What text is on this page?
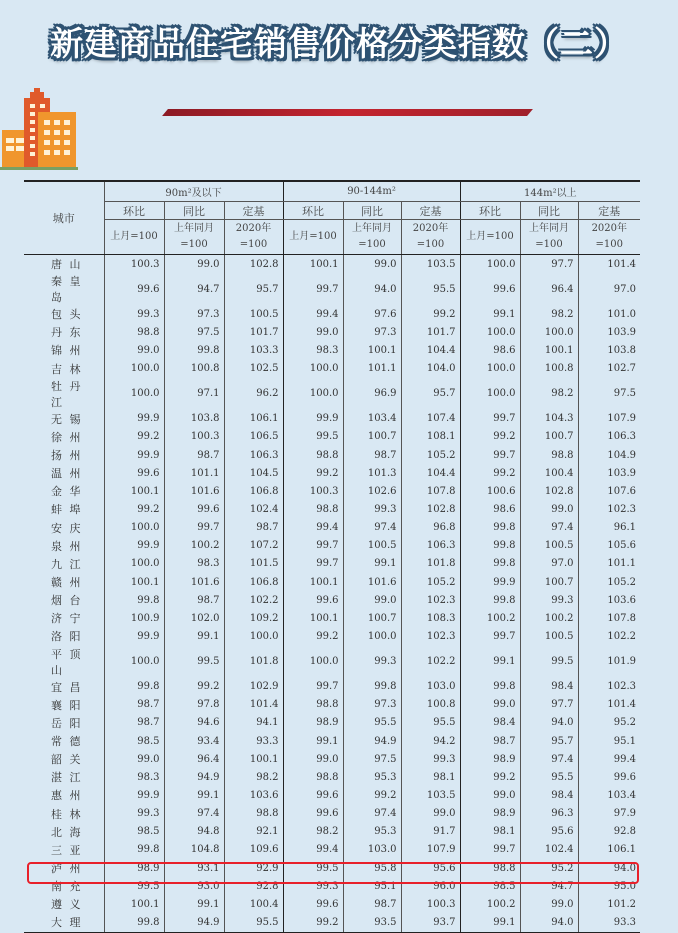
新建商品住宅销售价格分类指数（二）
城市	90m²及以下			90-144m²			144m²以上		
	环比	同比	定基	环比	同比	定基	环比	同比	定基
	上月=100	上年同月=100	2020年=100	上月=100	上年同月=100	2020年=100	上月=100	上年同月=100	2020年=100
唐山	100.3	99.0	102.8	100.1	99.0	103.5	100.0	97.7	101.4
秦皇岛	99.6	94.7	95.7	99.7	94.0	95.5	99.6	96.4	97.0
包头	99.3	97.3	100.5	99.4	97.6	99.2	99.1	98.2	101.0
丹东	98.8	97.5	101.7	99.0	97.3	101.7	100.0	100.0	103.9
锦州	99.0	99.8	103.3	98.3	100.1	104.4	98.6	100.1	103.8
吉林	100.0	100.8	102.5	100.0	101.1	104.0	100.0	100.8	102.7
牡丹江	100.0	97.1	96.2	100.0	96.9	95.7	100.0	98.2	97.5
无锡	99.9	103.8	106.1	99.9	103.4	107.4	99.7	104.3	107.9
徐州	99.2	100.3	106.5	99.5	100.7	108.1	99.2	100.7	106.3
扬州	99.9	98.7	106.3	98.8	98.7	105.2	99.7	98.8	104.9
温州	99.6	101.1	104.5	99.2	101.3	104.4	99.2	100.4	103.9
金华	100.1	101.6	106.8	100.3	102.6	107.8	100.6	102.8	107.6
蚌埠	99.2	99.6	102.4	98.8	99.3	102.8	98.6	99.0	102.3
安庆	100.0	99.7	98.7	99.4	97.4	96.8	99.8	97.4	96.1
泉州	99.9	100.2	107.2	99.7	100.5	106.3	99.8	100.5	105.6
九江	100.0	98.3	101.5	99.7	99.1	101.8	99.8	97.0	101.1
赣州	100.1	101.6	106.8	100.1	101.6	105.2	99.9	100.7	105.2
烟台	99.8	98.7	102.2	99.6	99.0	102.3	99.8	99.3	103.6
济宁	100.9	102.0	109.2	100.1	100.7	108.3	100.2	100.2	107.8
洛阳	99.9	99.1	100.0	99.2	100.0	102.3	99.7	100.5	102.2
平顶山	100.0	99.5	101.8	100.0	99.3	102.2	99.1	99.5	101.9
宜昌	99.8	99.2	102.9	99.7	99.8	103.0	99.8	98.4	102.3
襄阳	98.7	97.8	101.4	98.8	97.3	100.8	99.0	97.7	101.4
岳阳	98.7	94.6	94.1	98.9	95.5	95.5	98.4	94.0	95.2
常德	98.5	93.4	93.3	99.1	94.9	94.2	98.7	95.7	95.1
韶关	99.0	96.4	100.1	99.0	97.5	99.3	98.9	97.4	99.4
湛江	98.3	94.9	98.2	98.8	95.3	98.1	99.2	95.5	99.6
惠州	99.9	99.1	103.6	99.6	99.2	103.5	99.0	98.4	103.4
桂林	99.3	97.4	98.8	99.6	97.4	99.0	98.9	96.3	97.9
北海	98.5	94.8	92.1	98.2	95.3	91.7	98.1	95.6	92.8
三亚	99.8	104.8	109.6	99.4	103.0	107.9	99.7	102.4	106.1
泸州	98.9	93.1	92.9	99.5	95.8	95.6	98.8	95.2	94.0
南充	99.5	93.0	92.8	99.3	95.1	96.0	98.5	94.7	95.0
遵义	100.1	99.1	100.4	99.6	98.7	100.3	100.2	99.0	101.2
大理	99.8	94.9	95.5	99.2	93.5	93.7	99.1	94.0	93.3
